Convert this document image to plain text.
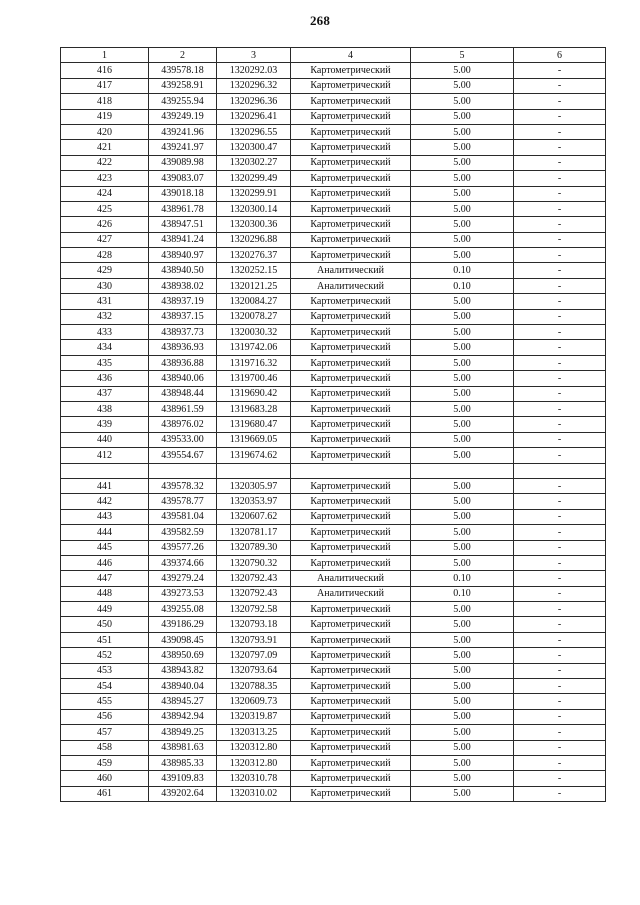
268
1	2	3	4	5	6
416	439578.18	1320292.03	Картометрический	5.00	-
417	439258.91	1320296.32	Картометрический	5.00	-
418	439255.94	1320296.36	Картометрический	5.00	-
419	439249.19	1320296.41	Картометрический	5.00	-
420	439241.96	1320296.55	Картометрический	5.00	-
421	439241.97	1320300.47	Картометрический	5.00	-
422	439089.98	1320302.27	Картометрический	5.00	-
423	439083.07	1320299.49	Картометрический	5.00	-
424	439018.18	1320299.91	Картометрический	5.00	-
425	438961.78	1320300.14	Картометрический	5.00	-
426	438947.51	1320300.36	Картометрический	5.00	-
427	438941.24	1320296.88	Картометрический	5.00	-
428	438940.97	1320276.37	Картометрический	5.00	-
429	438940.50	1320252.15	Аналитический	0.10	-
430	438938.02	1320121.25	Аналитический	0.10	-
431	438937.19	1320084.27	Картометрический	5.00	-
432	438937.15	1320078.27	Картометрический	5.00	-
433	438937.73	1320030.32	Картометрический	5.00	-
434	438936.93	1319742.06	Картометрический	5.00	-
435	438936.88	1319716.32	Картометрический	5.00	-
436	438940.06	1319700.46	Картометрический	5.00	-
437	438948.44	1319690.42	Картометрический	5.00	-
438	438961.59	1319683.28	Картометрический	5.00	-
439	438976.02	1319680.47	Картометрический	5.00	-
440	439533.00	1319669.05	Картометрический	5.00	-
412	439554.67	1319674.62	Картометрический	5.00	-

441	439578.32	1320305.97	Картометрический	5.00	-
442	439578.77	1320353.97	Картометрический	5.00	-
443	439581.04	1320607.62	Картометрический	5.00	-
444	439582.59	1320781.17	Картометрический	5.00	-
445	439577.26	1320789.30	Картометрический	5.00	-
446	439374.66	1320790.32	Картометрический	5.00	-
447	439279.24	1320792.43	Аналитический	0.10	-
448	439273.53	1320792.43	Аналитический	0.10	-
449	439255.08	1320792.58	Картометрический	5.00	-
450	439186.29	1320793.18	Картометрический	5.00	-
451	439098.45	1320793.91	Картометрический	5.00	-
452	438950.69	1320797.09	Картометрический	5.00	-
453	438943.82	1320793.64	Картометрический	5.00	-
454	438940.04	1320788.35	Картометрический	5.00	-
455	438945.27	1320609.73	Картометрический	5.00	-
456	438942.94	1320319.87	Картометрический	5.00	-
457	438949.25	1320313.25	Картометрический	5.00	-
458	438981.63	1320312.80	Картометрический	5.00	-
459	438985.33	1320312.80	Картометрический	5.00	-
460	439109.83	1320310.78	Картометрический	5.00	-
461	439202.64	1320310.02	Картометрический	5.00	-
